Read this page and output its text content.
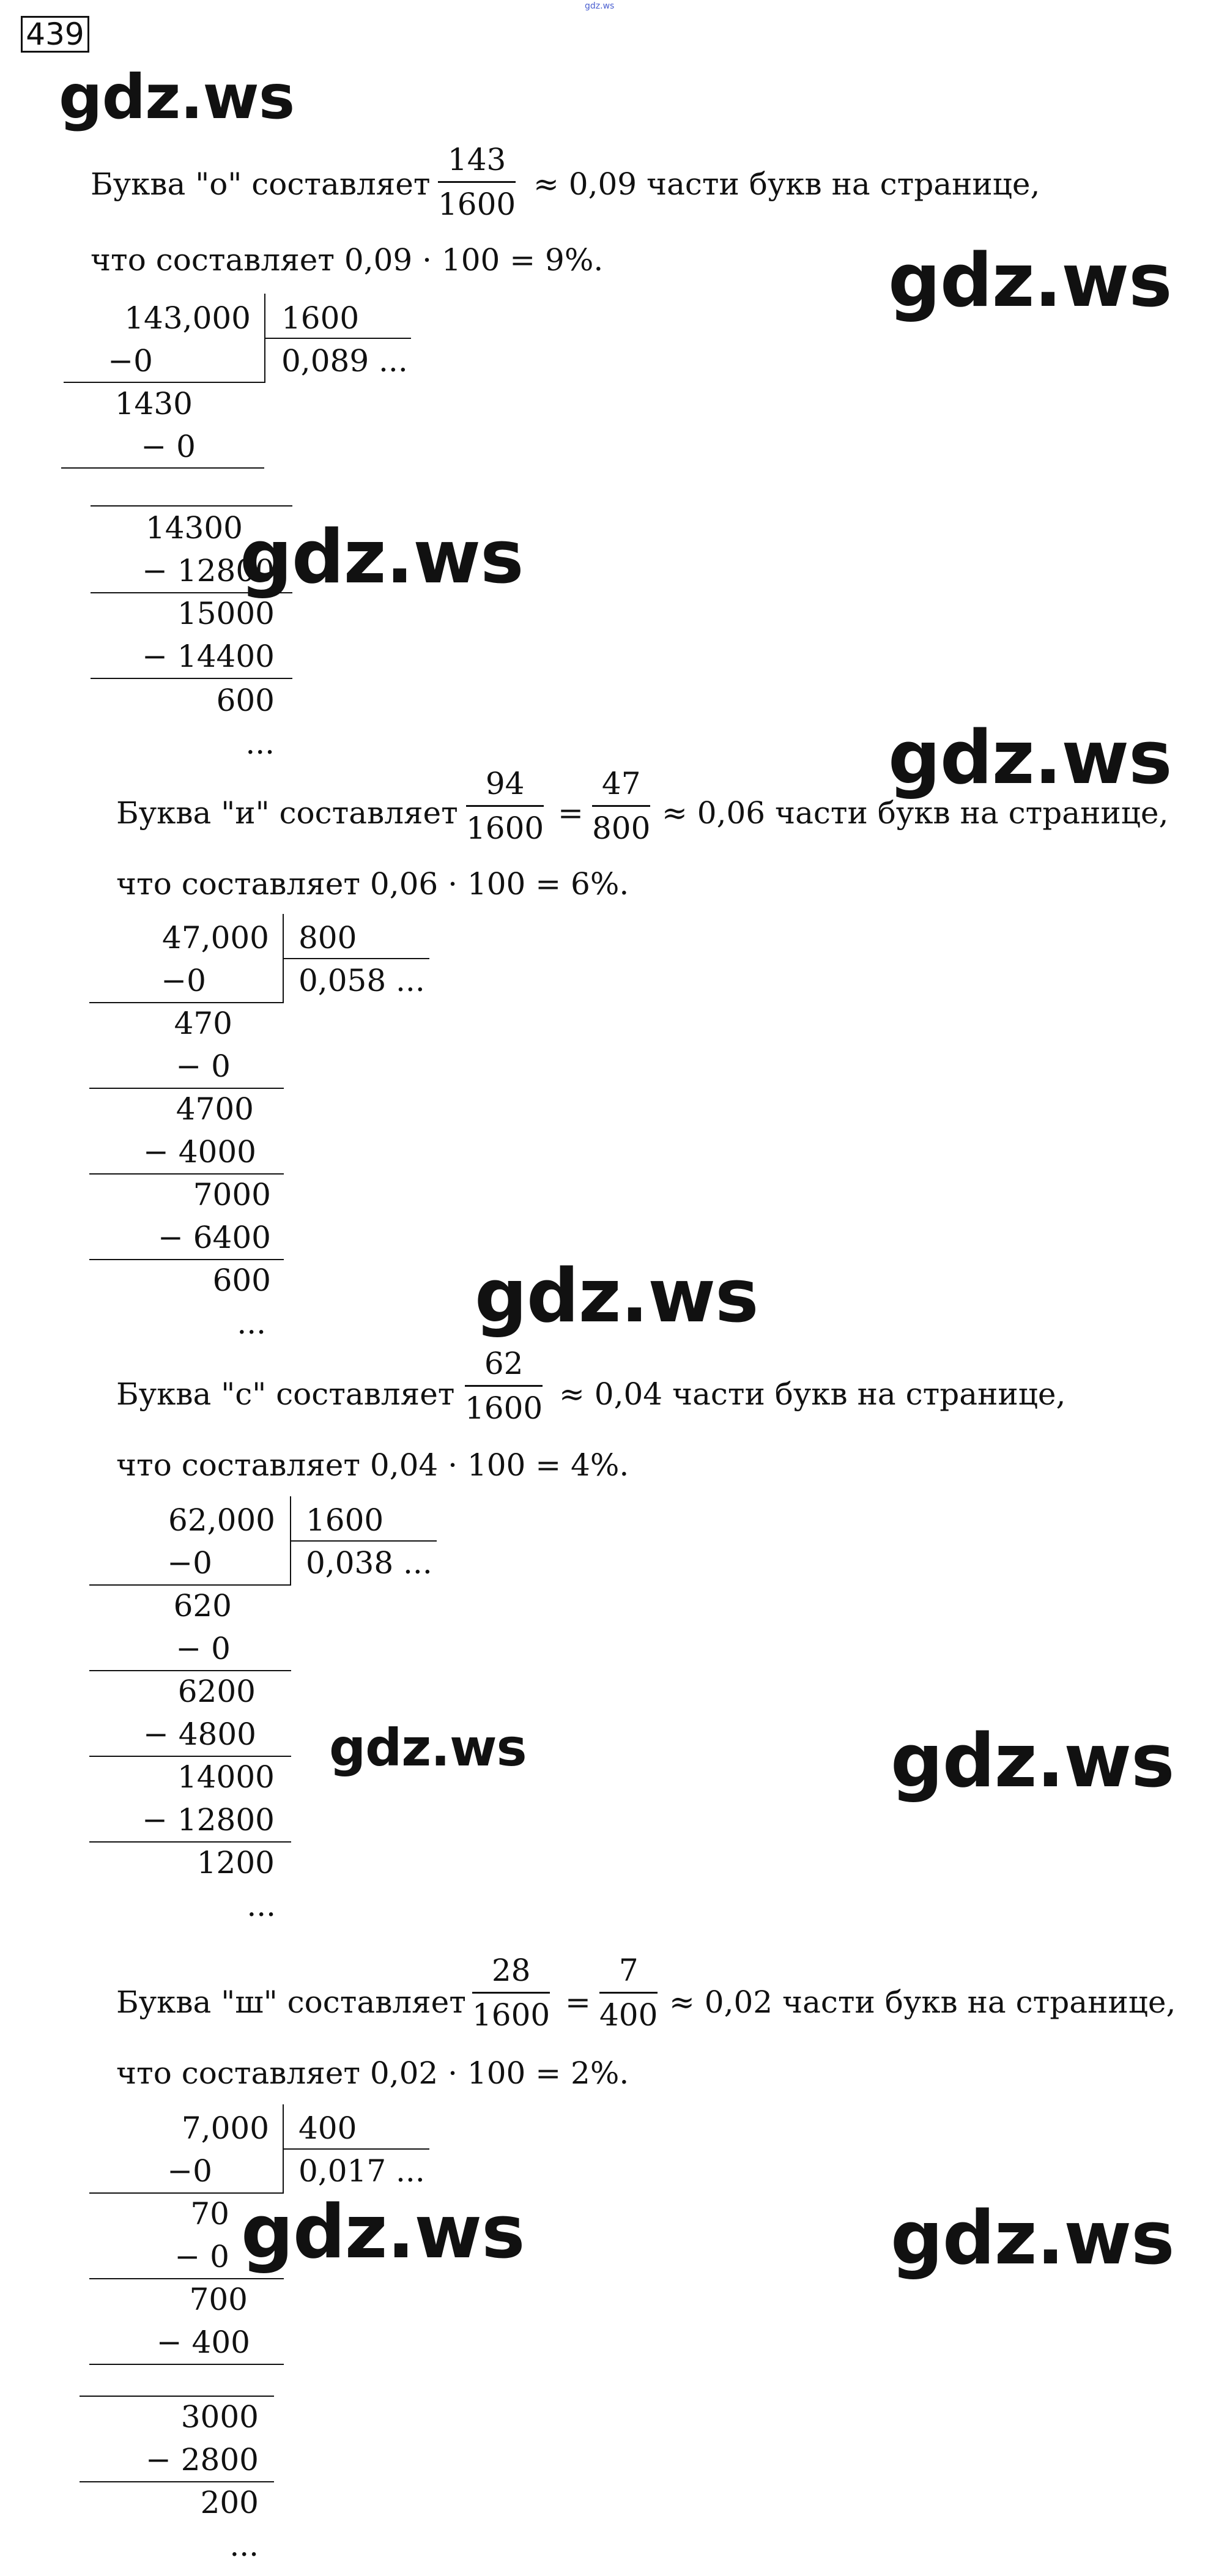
gdz.ws
439
gdz.ws
Буква "о" составляет $\frac{143}{1600} \approx 0,09$ части букв на странице,
что составляет 0,09 · 100 = 9%.	gdz.ws
143,000 1600
0,089 ...
−0
1430
− 0
14300
− 12800
15000
− 14400
600
...
gdz.ws
gdz.ws
Буква "и" составляет $\frac{94}{1600} = \frac{47}{800} \approx 0,06$ части букв на странице,
что составляет 0,06 · 100 = 6%.
47,000 800
0,058 ...
−0
470
− 0
4700
− 4000
7000
− 6400
600
...	gdz.ws
Буква "с" составляет $\frac{62}{1600} \approx 0,04$ части букв на странице,
что составляет 0,04 · 100 = 4%.
62,000 1600
0,038 ...
−0
620
− 0
6200
− 4800
14000
− 12800
1200
...
gdz.ws	gdz.ws
Буква "ш" составляет $\frac{28}{1600} = \frac{7}{400} \approx 0,02$ части букв на странице,
что составляет 0,02 · 100 = 2%.
7,000 400
0,017 ...
−0
70
− 0
700
− 400
3000
− 2800
200
...
gdz.ws	gdz.ws
